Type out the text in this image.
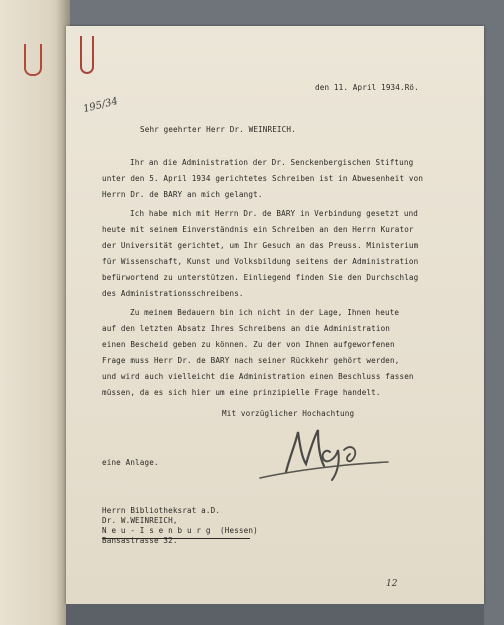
den 11. April 1934.Rö.
195/34
Sehr geehrter Herr Dr. WEINREICH.
Ihr an die Administration der Dr. Senckenbergischen Stiftung
unter den 5. April 1934 gerichtetes Schreiben ist in Abwesenheit von
Herrn Dr. de BARY an mich gelangt.
Ich habe mich mit Herrn Dr. de BARY in Verbindung gesetzt und
heute mit seinem Einverständnis ein Schreiben an den Herrn Kurator
der Universität gerichtet, um Ihr Gesuch an das Preuss. Ministerium
für Wissenschaft, Kunst und Volksbildung seitens der Administration
befürwortend zu unterstützen. Einliegend finden Sie den Durchschlag
des Administrationsschreibens.
Zu meinem Bedauern bin ich nicht in der Lage, Ihnen heute
auf den letzten Absatz Ihres Schreibens an die Administration
einen Bescheid geben zu können. Zu der von Ihnen aufgeworfenen
Frage muss Herr Dr. de BARY nach seiner Rückkehr gehört werden,
und wird auch vielleicht die Administration einen Beschluss fassen
müssen, da es sich hier um eine prinzipielle Frage handelt.
Mit vorzüglicher Hochachtung
eine Anlage.
Herrn Bibliotheksrat a.D.
Dr. W.WEINREICH,
N e u - I s e n b u r g  (Hessen)
Bansastrasse 32.
12
